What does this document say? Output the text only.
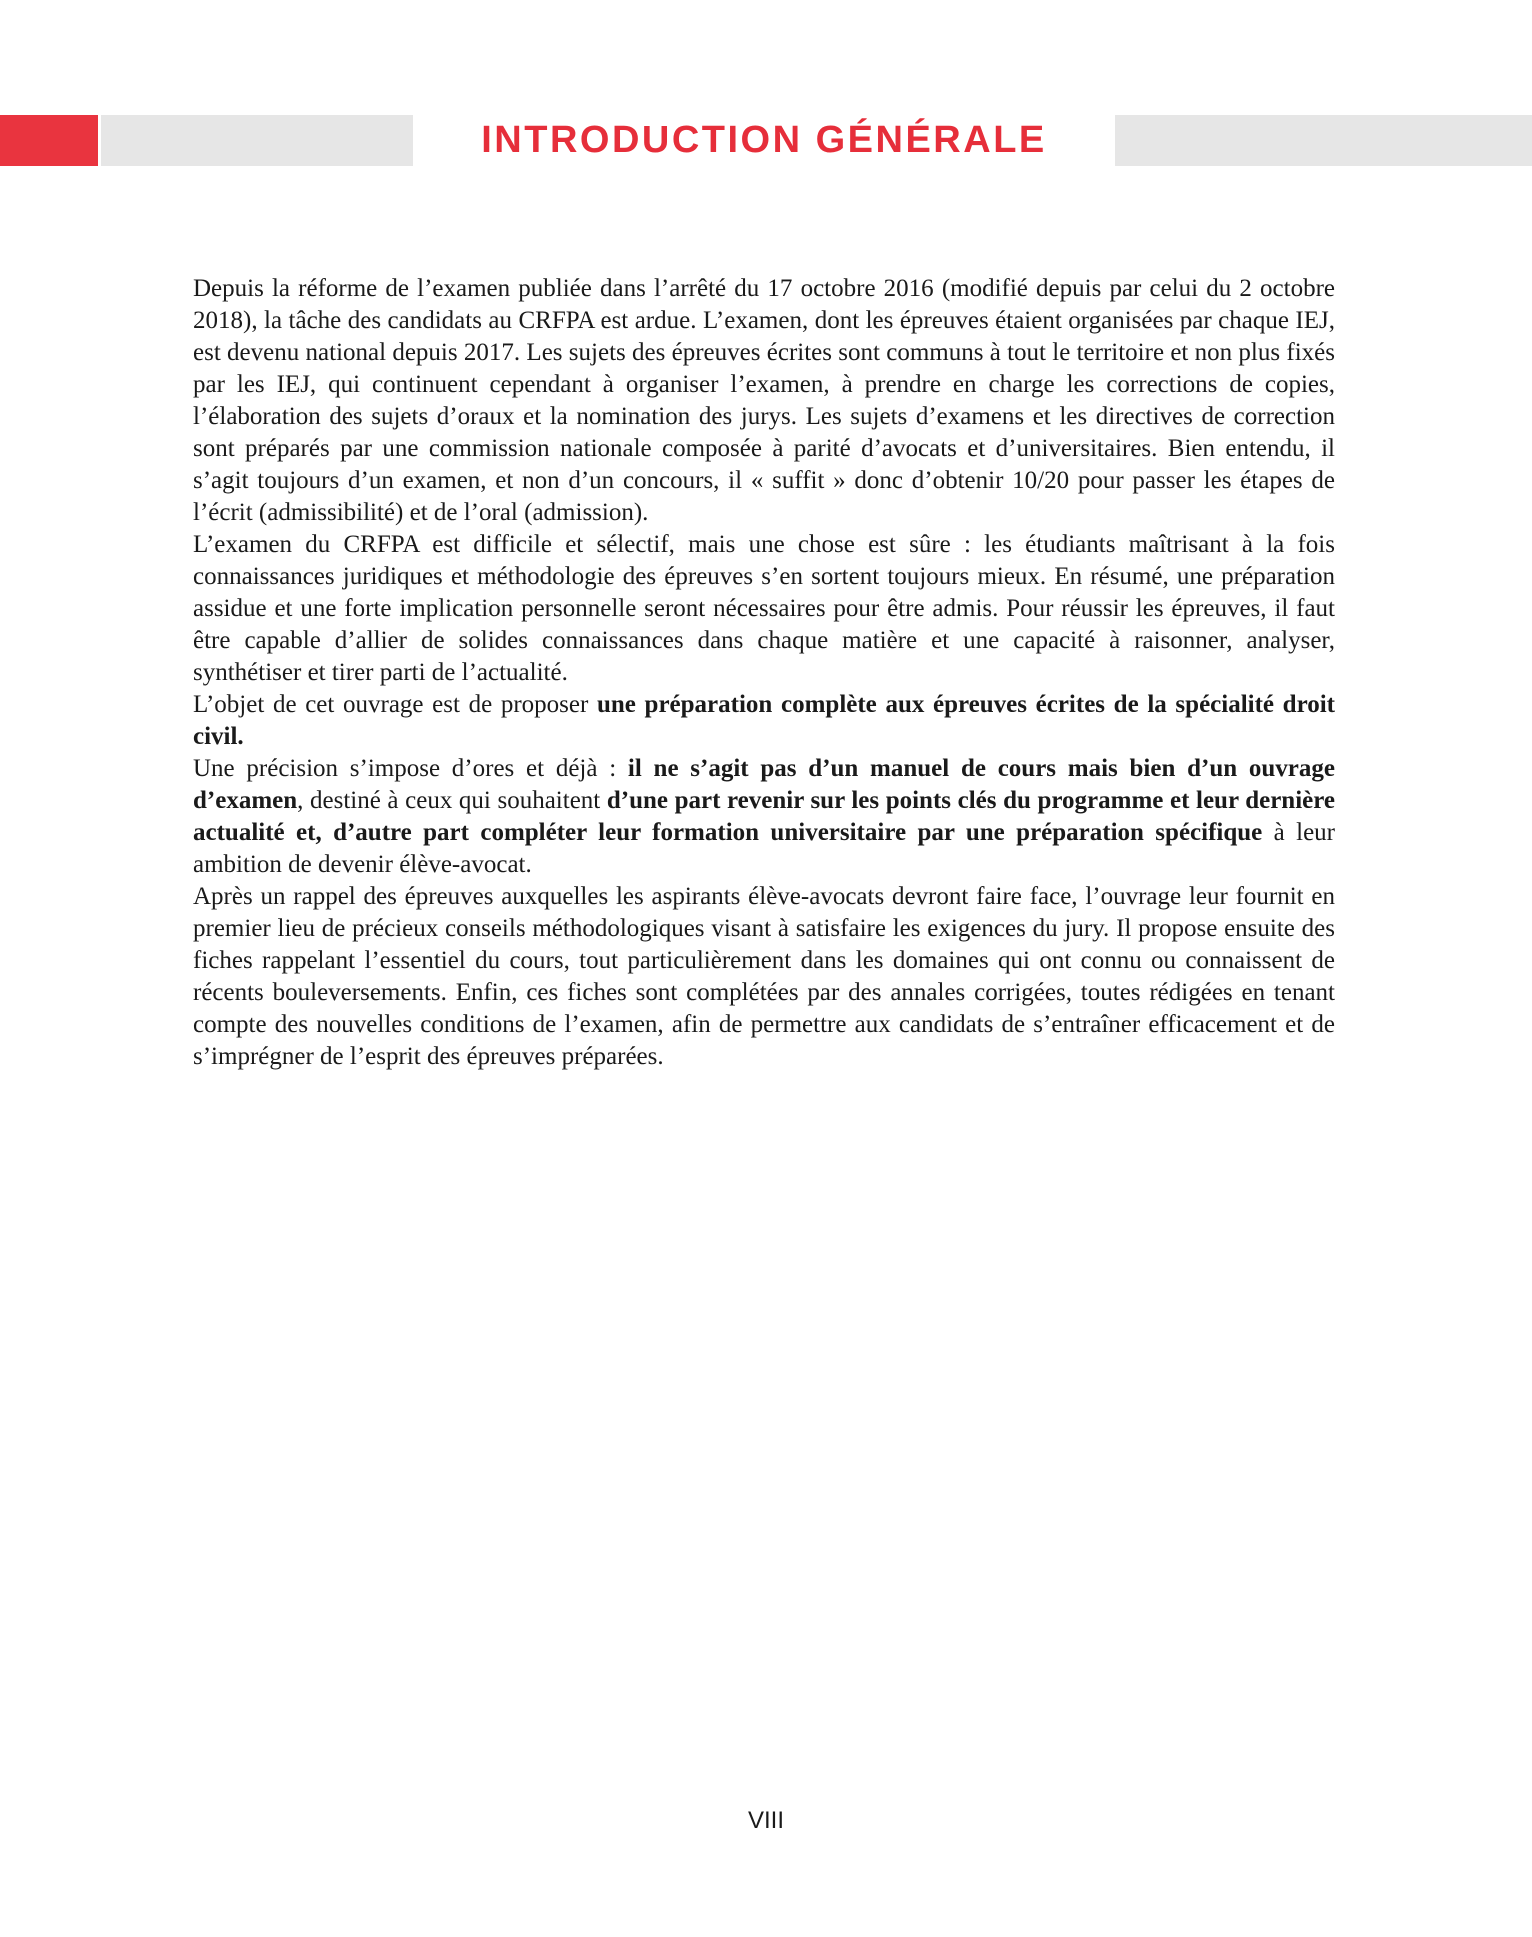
INTRODUCTION GÉNÉRALE

Depuis la réforme de l’examen publiée dans l’arrêté du 17 octobre 2016 (modifié depuis par celui du 2 octobre 2018), la tâche des candidats au CRFPA est ardue. L’examen, dont les épreuves étaient organisées par chaque IEJ, est devenu national depuis 2017. Les sujets des épreuves écrites sont communs à tout le territoire et non plus fixés par les IEJ, qui continuent cependant à organiser l’examen, à prendre en charge les corrections de copies, l’élaboration des sujets d’oraux et la nomination des jurys. Les sujets d’examens et les directives de correction sont préparés par une commission nationale composée à parité d’avocats et d’universitaires. Bien entendu, il s’agit toujours d’un examen, et non d’un concours, il « suffit » donc d’obtenir 10/20 pour passer les étapes de l’écrit (admissibilité) et de l’oral (admission).

L’examen du CRFPA est difficile et sélectif, mais une chose est sûre : les étudiants maîtrisant à la fois connaissances juridiques et méthodologie des épreuves s’en sortent toujours mieux. En résumé, une préparation assidue et une forte implication personnelle seront nécessaires pour être admis. Pour réussir les épreuves, il faut être capable d’allier de solides connaissances dans chaque matière et une capacité à raisonner, analyser, synthétiser et tirer parti de l’actualité.

L’objet de cet ouvrage est de proposer une préparation complète aux épreuves écrites de la spécialité droit civil.

Une précision s’impose d’ores et déjà : il ne s’agit pas d’un manuel de cours mais bien d’un ouvrage d’examen, destiné à ceux qui souhaitent d’une part revenir sur les points clés du programme et leur dernière actualité et, d’autre part compléter leur formation universitaire par une préparation spécifique à leur ambition de devenir élève-avocat.

Après un rappel des épreuves auxquelles les aspirants élève-avocats devront faire face, l’ouvrage leur fournit en premier lieu de précieux conseils méthodologiques visant à satisfaire les exigences du jury. Il propose ensuite des fiches rappelant l’essentiel du cours, tout particulièrement dans les domaines qui ont connu ou connaissent de récents bouleversements. Enfin, ces fiches sont complétées par des annales corrigées, toutes rédigées en tenant compte des nouvelles conditions de l’examen, afin de permettre aux candidats de s’entraîner efficacement et de s’imprégner de l’esprit des épreuves préparées.

VIII
